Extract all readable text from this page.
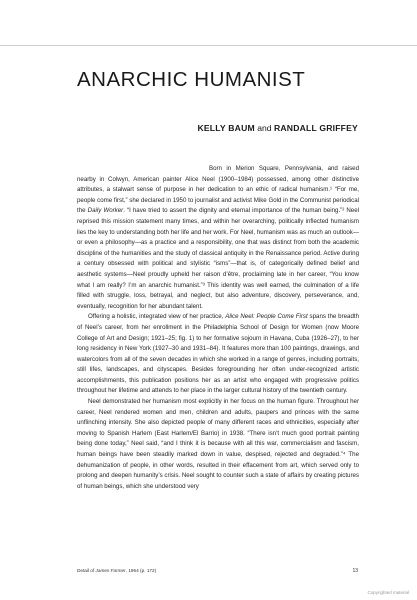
ANARCHIC HUMANIST
KELLY BAUM and RANDALL GRIFFEY

Born in Merion Square, Pennsylvania, and raised nearby in Colwyn, American painter Alice Neel (1900–1984) possessed, among other distinctive attributes, a stalwart sense of purpose in her dedication to an ethic of radical humanism.¹ “For me, people come first,” she declared in 1950 to journalist and activist Mike Gold in the Communist periodical the Daily Worker. “I have tried to assert the dignity and eternal importance of the human being.”² Neel reprised this mission statement many times, and within her overarching, politically inflected humanism lies the key to understanding both her life and her work. For Neel, humanism was as much an outlook—or even a philosophy—as a practice and a responsibility, one that was distinct from both the academic discipline of the humanities and the study of classical antiquity in the Renaissance period. Active during a century obsessed with political and stylistic “isms”—that is, of categorically defined belief and aesthetic systems—Neel proudly upheld her raison d’être, proclaiming late in her career, “You know what I am really? I’m an anarchic humanist.”³ This identity was well earned, the culmination of a life filled with struggle, loss, betrayal, and neglect, but also adventure, discovery, perseverance, and, eventually, recognition for her abundant talent.

Offering a holistic, integrated view of her practice, Alice Neel: People Come First spans the breadth of Neel’s career, from her enrollment in the Philadelphia School of Design for Women (now Moore College of Art and Design; 1921–25; fig. 1) to her formative sojourn in Havana, Cuba (1926–27), to her long residency in New York (1927–30 and 1931–84). It features more than 100 paintings, drawings, and watercolors from all of the seven decades in which she worked in a range of genres, including portraits, still lifes, landscapes, and cityscapes. Besides foregrounding her often under-recognized artistic accomplishments, this publication positions her as an artist who engaged with progressive politics throughout her lifetime and attends to her place in the larger cultural history of the twentieth century.

Neel demonstrated her humanism most explicitly in her focus on the human figure. Throughout her career, Neel rendered women and men, children and adults, paupers and princes with the same unflinching intensity. She also depicted people of many different races and ethnicities, especially after moving to Spanish Harlem (East Harlem/El Barrio) in 1938. “There isn’t much good portrait painting being done today,” Neel said, “and I think it is because with all this war, commercialism and fascism, human beings have been steadily marked down in value, despised, rejected and degraded.”⁴ The dehumanization of people, in other words, resulted in their effacement from art, which served only to prolong and deepen humanity’s crisis. Neel sought to counter such a state of affairs by creating pictures of human beings, which she understood very

Detail of James Farmer, 1964 (p. 172)	13
Copyrighted material
